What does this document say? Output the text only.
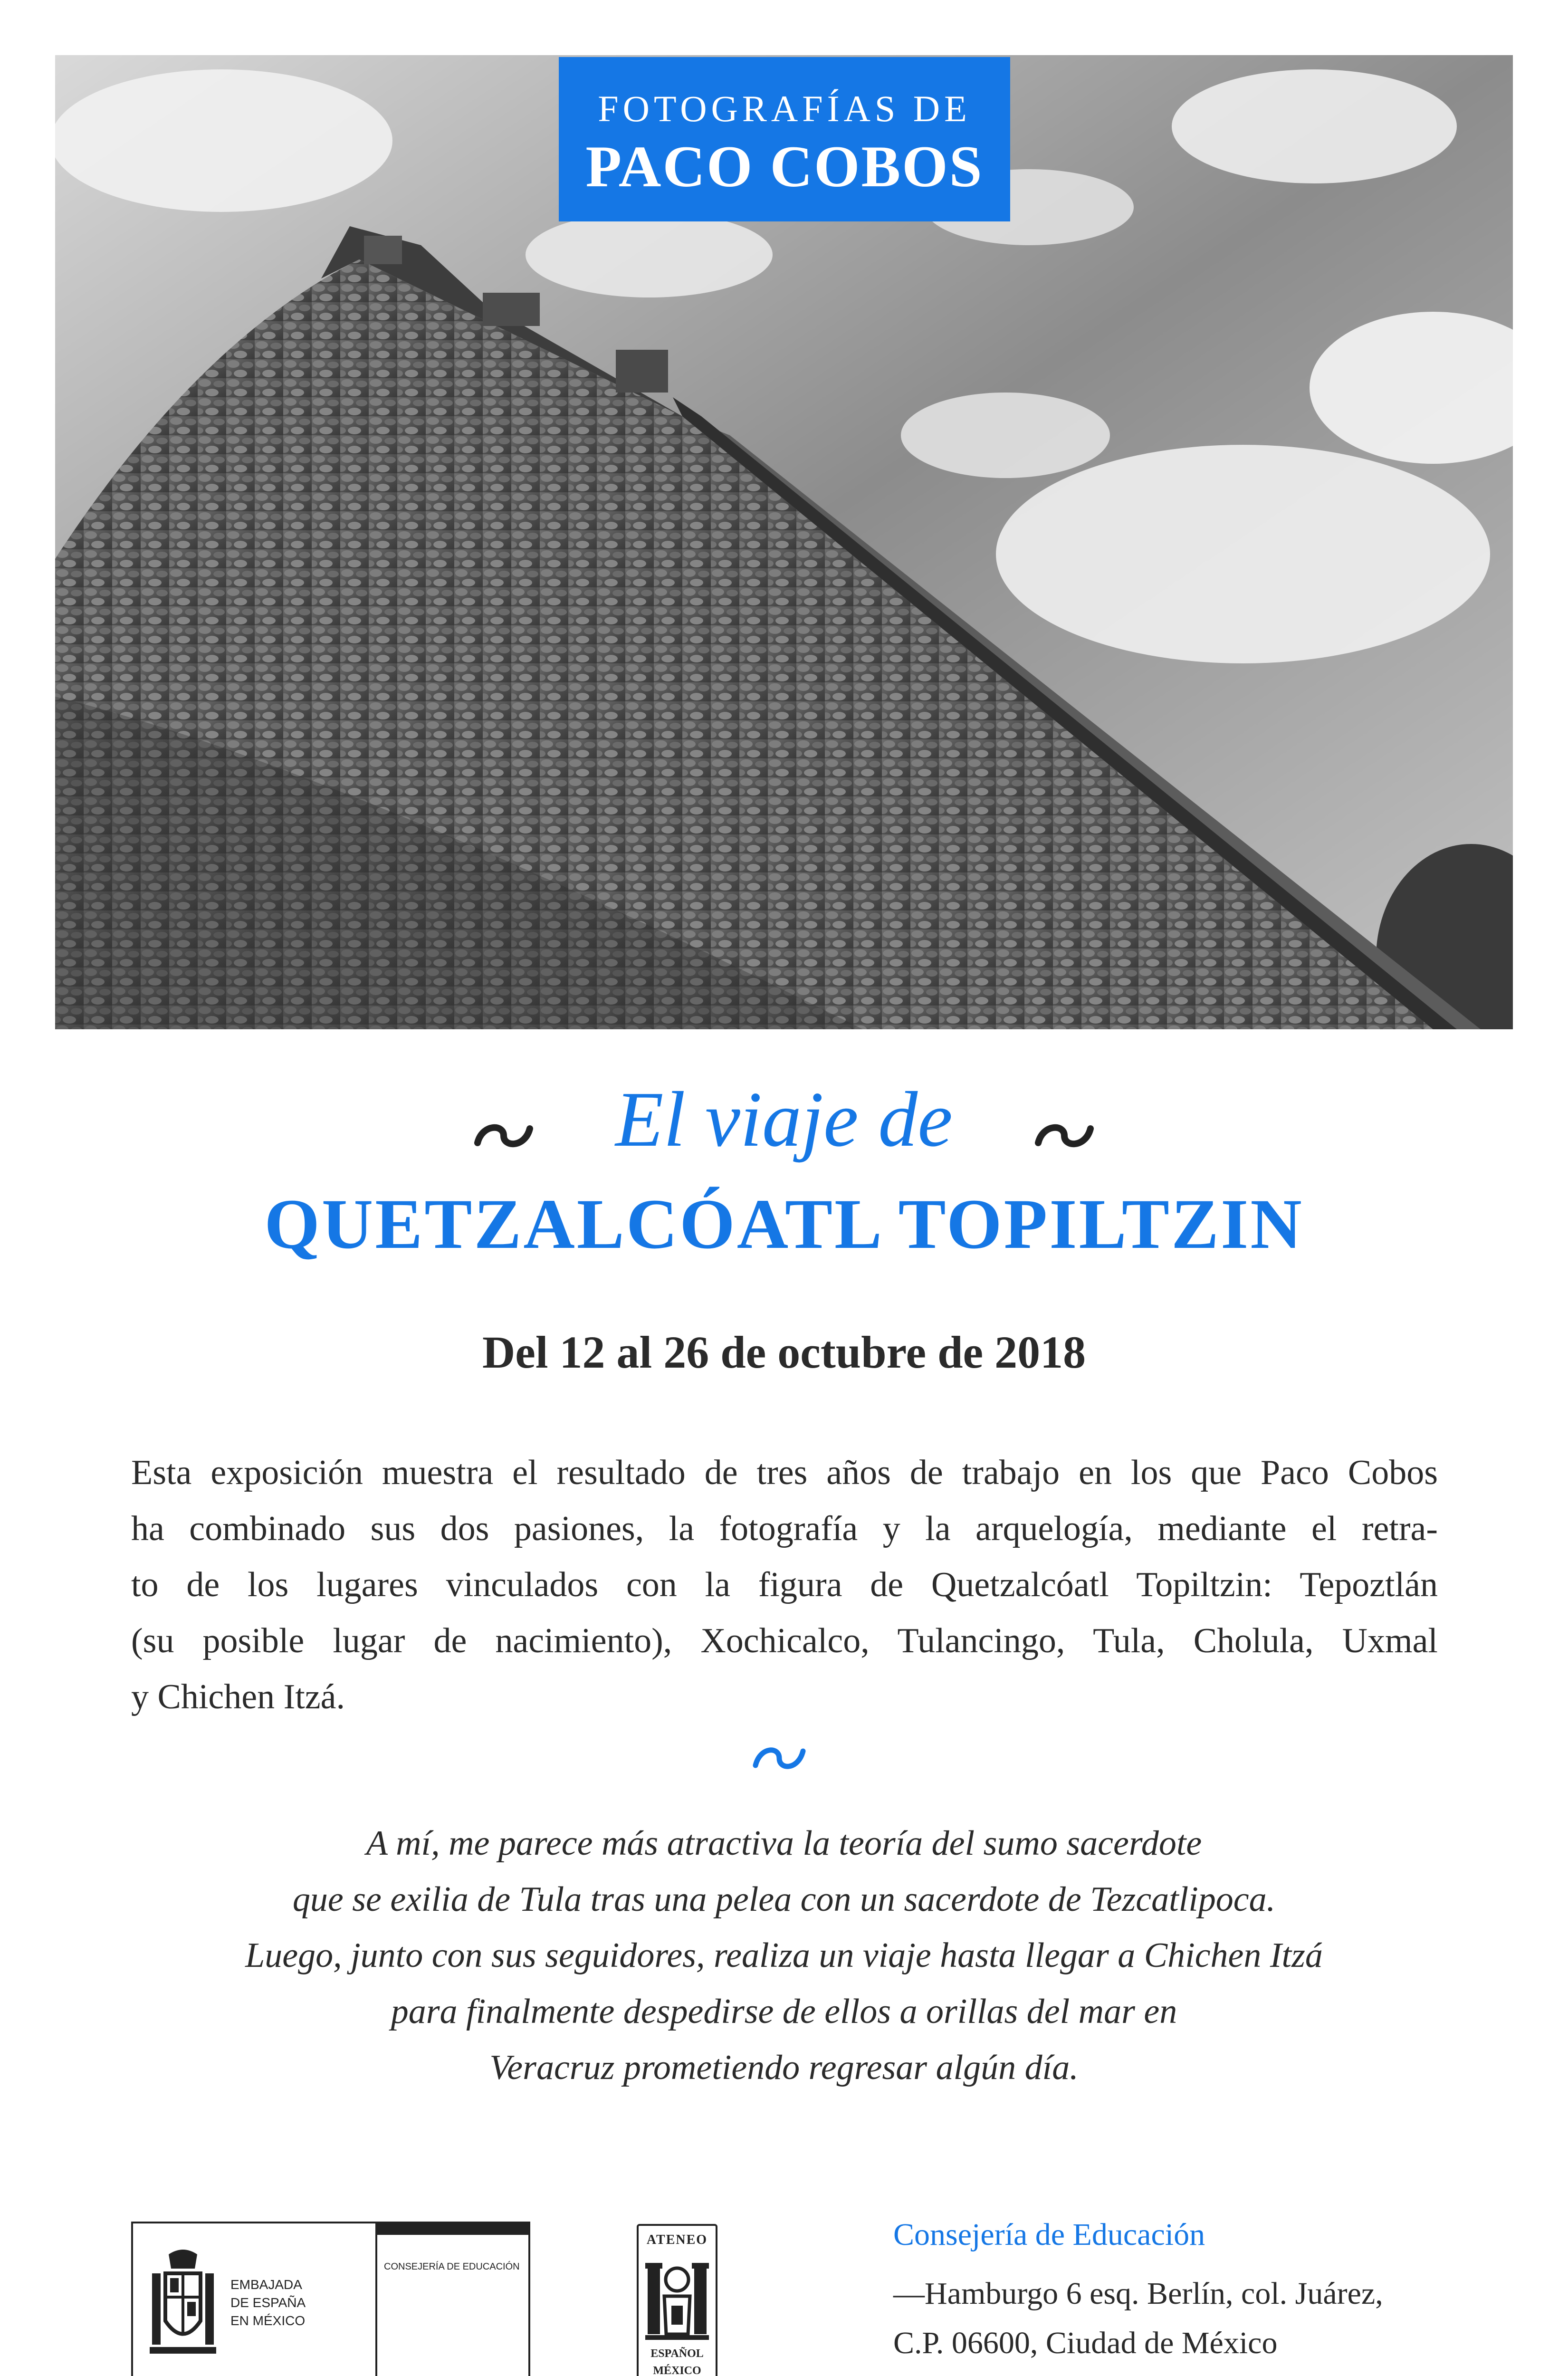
FOTOGRAFÍAS DE
PACO COBOS
El viaje de
QUETZALCÓATL TOPILTZIN
Del 12 al 26 de octubre de 2018
Esta exposición muestra el resultado de tres años de trabajo en los que Paco Cobos
ha combinado sus dos pasiones, la fotografía y la arquelogía, mediante el retra-
to de los lugares vinculados con la figura de Quetzalcóatl Topiltzin: Tepoztlán
(su posible lugar de nacimiento), Xochicalco, Tulancingo, Tula, Cholula, Uxmal
y Chichen Itzá.
A mí, me parece más atractiva la teoría del sumo sacerdote
que se exilia de Tula tras una pelea con un sacerdote de Tezcatlipoca.
Luego, junto con sus seguidores, realiza un viaje hasta llegar a Chichen Itzá
para finalmente despedirse de ellos a orillas del mar en
Veracruz prometiendo regresar algún día.
EMBAJADA
DE ESPAÑA
EN MÉXICO
CONSEJERÍA DE EDUCACIÓN
ATENEO
ESPAÑOL
MÉXICO
Consejería de Educación
—Hamburgo 6 esq. Berlín, col. Juárez,
C.P. 06600, Ciudad de México
